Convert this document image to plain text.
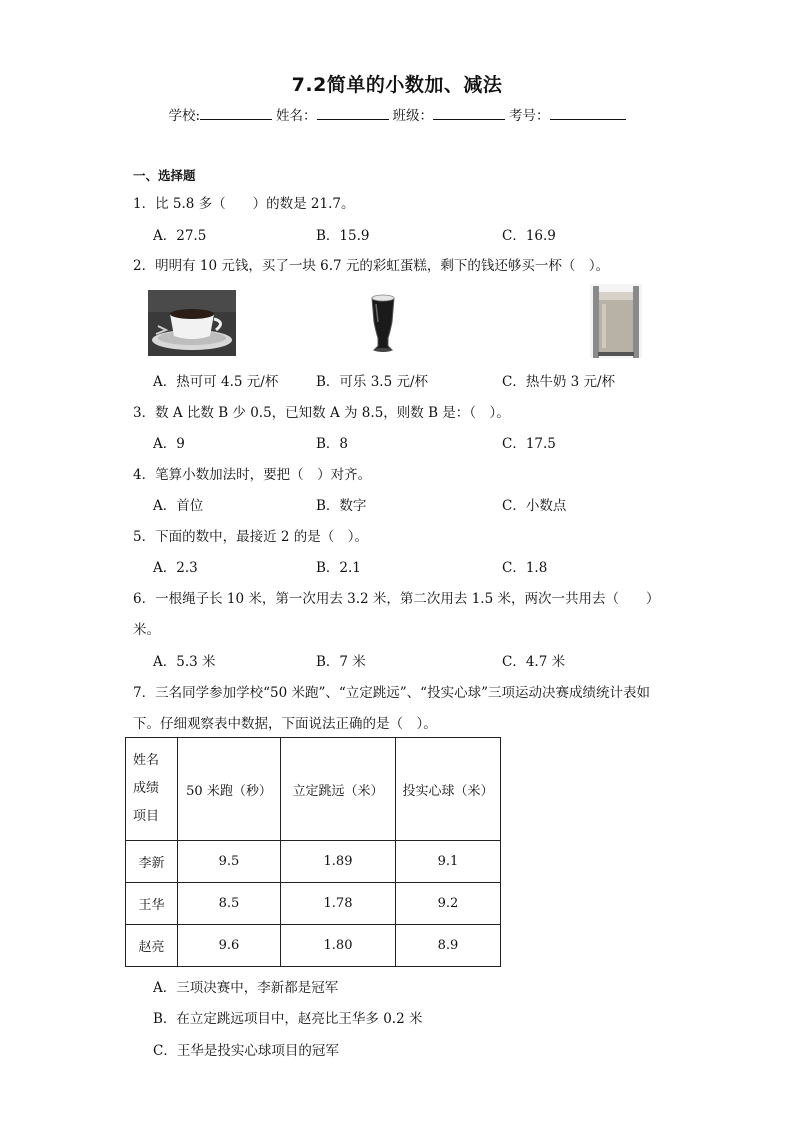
7.2简单的小数加、减法
学校:	姓名：	班级：	考号：
一、选择题
1．比 5.8 多（　　）的数是 21.7。
A．27.5	B．15.9	C．16.9
2．明明有 10 元钱，买了一块 6.7 元的彩虹蛋糕，剩下的钱还够买一杯（　）。
A．热可可 4.5 元/杯	B．可乐 3.5 元/杯	C．热牛奶 3 元/杯
3．数 A 比数 B 少 0.5，已知数 A 为 8.5，则数 B 是：（　）。
A．9	B．8	C．17.5
4．笔算小数加法时，要把（　）对齐。
A．首位	B．数字	C．小数点
5．下面的数中，最接近 2 的是（　）。
A．2.3	B．2.1	C．1.8
6．一根绳子长 10 米，第一次用去 3.2 米，第二次用去 1.5 米，两次一共用去（　　）
米。
A．5.3 米	B．7 米	C．4.7 米
7．三名同学参加学校“50 米跑”、“立定跳远”、“投实心球”三项运动决赛成绩统计表如
下。仔细观察表中数据，下面说法正确的是（　）。
姓名
成绩
项目	50 米跑（秒）	立定跳远（米）	投实心球（米）
李新	9.5	1.89	9.1
王华	8.5	1.78	9.2
赵亮	9.6	1.80	8.9
A．三项决赛中，李新都是冠军
B．在立定跳远项目中，赵亮比王华多 0.2 米
C．王华是投实心球项目的冠军
